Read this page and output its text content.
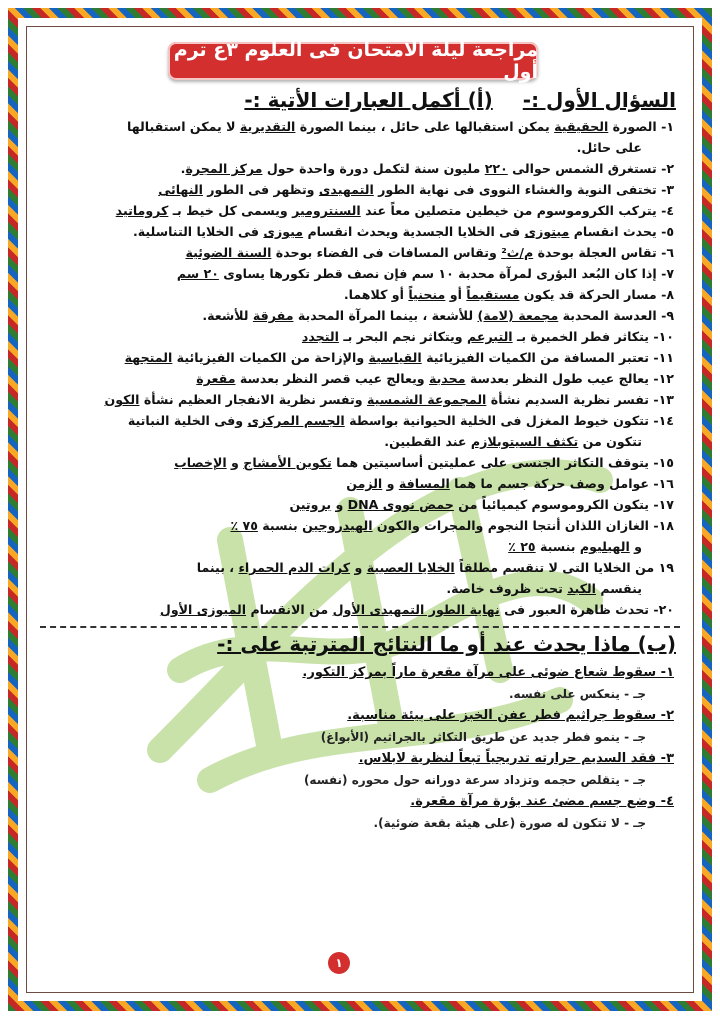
مراجعة ليلة الامتحان فى العلوم ٣ع ترم أول
السؤال الأول :-
(أ) أكمل العبارات الأتية :-
١- الصورة الحقيقية يمكن استقبالها على حائل ، بينما الصورة التقديرية لا يمكن استقبالها
على حائل.
٢- تستغرق الشمس حوالى ٢٢٠ مليون سنة لتكمل دورة واحدة حول مركز المجرة.
٣- تختفى النوية والغشاء النووى فى نهاية الطور التمهيدى وتظهر فى الطور النهائى
٤- يتركب الكروموسوم من خيطين متصلين معاً عند السنترومير ويسمى كل خيط بـ كروماتيد
٥- يحدث انقسام ميتوزى فى الخلايا الجسدية ويحدث انقسام ميوزى فى الخلايا التناسلية.
٦- تقاس العجلة بوحدة م/ث² وتقاس المسافات فى الفضاء بوحدة السنة الضوئية
٧- إذا كان البُعد البؤرى لمرآة محدبة ١٠ سم فإن نصف قطر تكورها يساوى ٢٠ سم
٨- مسار الحركة قد يكون مستقيماً أو منحنياً أو كلاهما.
٩- العدسة المحدبة مجمعة (لامة) للأشعة ، بينما المرآة المحدبة مفرقة للأشعة.
١٠- يتكاثر فطر الخميرة بـ التبرعم ويتكاثر نجم البحر بـ التجدد
١١- تعتبر المسافة من الكميات الفيزيائية القياسية والإزاحة من الكميات الفيزيائية المتجهة
١٢- يعالج عيب طول النظر بعدسة محدبة ويعالج عيب قصر النظر بعدسة مقعرة
١٣- تفسر نظرية السديم نشأة المجموعة الشمسية وتفسر نظرية الانفجار العظيم نشأة الكون
١٤- تتكون خيوط المغزل فى الخلية الحيوانية بواسطة الجسم المركزى وفى الخلية النباتية
تتكون من تكثف السيتوبلازم عند القطبين.
١٥- يتوقف التكاثر الجنسى على عمليتين أساسيتين هما تكوين الأمشاج و الإخصاب
١٦- عوامل وصف حركة جسم ما هما المسافة و الزمن
١٧- يتكون الكروموسوم كيميائياً من حمض نووى DNA و بروتين
١٨- الغازان اللذان أنتجا النجوم والمجرات والكون الهيدروجين بنسبة ٧٥ ٪
و الهيليوم بنسبة ٢٥ ٪
١٩ من الخلايا التى لا تنقسم مطلقاً الخلايا العصبية و كرات الدم الحمراء ، بينما
ينقسم الكبد تحت ظروف خاصة.
٢٠- تحدث ظاهرة العبور فى نهاية الطور التمهيدى الأول من الانقسام الميوزى الأول
(ب) ماذا يحدث عند أو ما النتائج المترتبة على :-
١- سقوط شعاع ضوئى على مرآة مقعرة ماراً بمركز التكور.
جـ - ينعكس على نفسه.
٢- سقوط جراثيم فطر عفن الخبز على بيئة مناسبة.
جـ - ينمو فطر جديد عن طريق التكاثر بالجراثيم (الأبواغ)
٣- فقد السديم حرارته تدريجياً تبعاً لنظرية لابلاس.
جـ - يتقلص حجمه وتزداد سرعة دورانه حول محوره (نفسه)
٤- وضع جسم مضئ عند بؤرة مرآة مقعرة.
جـ - لا تتكون له صورة (على هيئة بقعة ضوئية).
١
